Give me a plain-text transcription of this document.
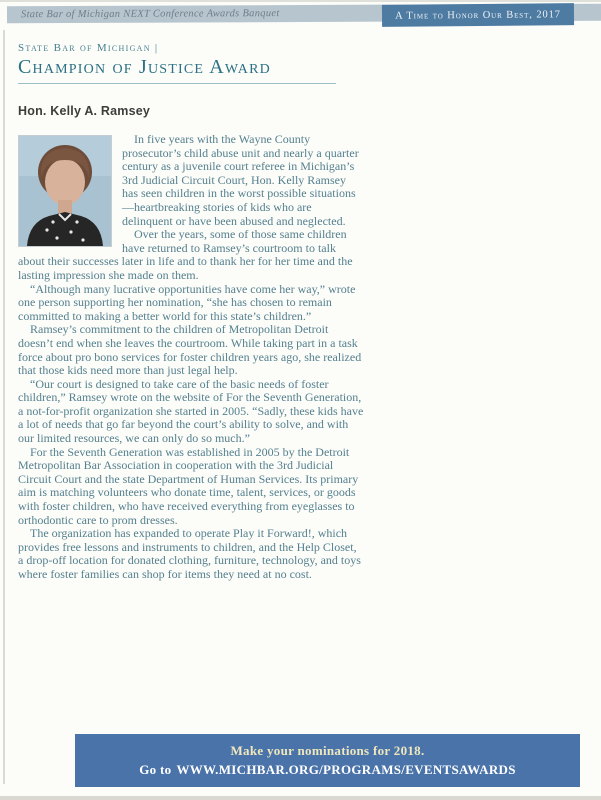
State Bar of Michigan NEXT Conference Awards Banquet	A Time to Honor Our Best, 2017
State Bar of Michigan |
Champion of Justice Award
Hon. Kelly A. Ramsey

In five years with the Wayne County prosecutor’s child abuse unit and nearly a quarter century as a juvenile court referee in Michigan’s 3rd Judicial Circuit Court, Hon. Kelly Ramsey has seen children in the worst possible situations—heartbreaking stories of kids who are delinquent or have been abused and neglected.

Over the years, some of those same children have returned to Ramsey’s courtroom to talk about their successes later in life and to thank her for her time and the lasting impression she made on them.

“Although many lucrative opportunities have come her way,” wrote one person supporting her nomination, “she has chosen to remain committed to making a better world for this state’s children.”

Ramsey’s commitment to the children of Metropolitan Detroit doesn’t end when she leaves the courtroom. While taking part in a task force about pro bono services for foster children years ago, she realized that those kids need more than just legal help.

“Our court is designed to take care of the basic needs of foster children,” Ramsey wrote on the website of For the Seventh Generation, a not-for-profit organization she started in 2005. “Sadly, these kids have a lot of needs that go far beyond the court’s ability to solve, and with our limited resources, we can only do so much.”

For the Seventh Generation was established in 2005 by the Detroit Metropolitan Bar Association in cooperation with the 3rd Judicial Circuit Court and the state Department of Human Services. Its primary aim is matching volunteers who donate time, talent, services, or goods with foster children, who have received everything from eyeglasses to orthodontic care to prom dresses.

The organization has expanded to operate Play it Forward!, which provides free lessons and instruments to children, and the Help Closet, a drop-off location for donated clothing, furniture, technology, and toys where foster families can shop for items they need at no cost.

Make your nominations for 2018.
Go to WWW.MICHBAR.ORG/PROGRAMS/EVENTSAWARDS
